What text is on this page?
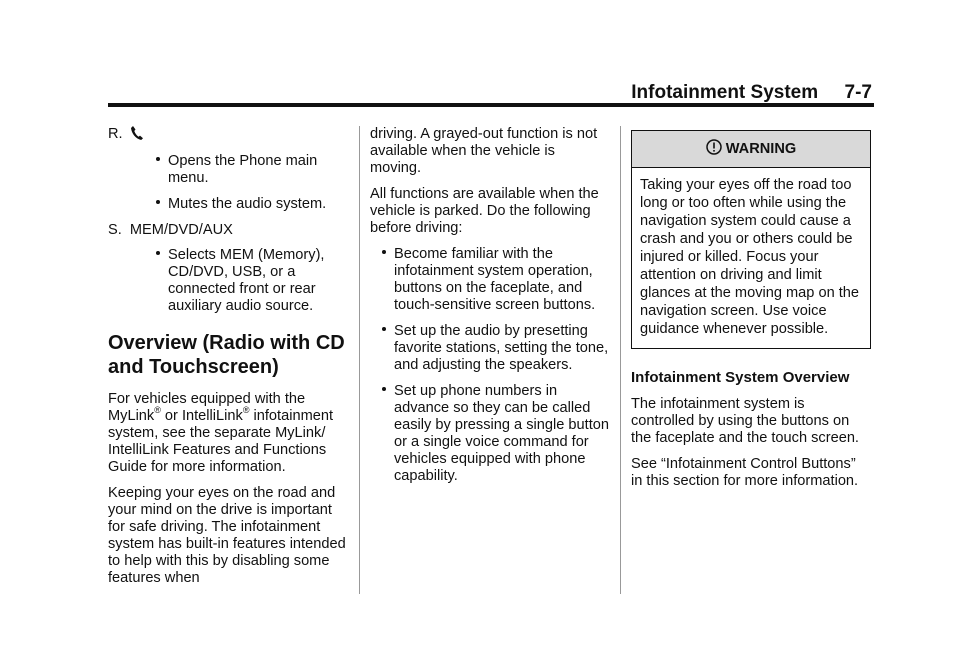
Infotainment System     7-7
R.
Opens the Phone main menu.
Mutes the audio system.
S.  MEM/DVD/AUX
Selects MEM (Memory), CD/DVD, USB, or a connected front or rear auxiliary audio source.
Overview (Radio with CD and Touchscreen)

For vehicles equipped with the MyLink® or IntelliLink® infotainment system, see the separate MyLink/ IntelliLink Features and Functions Guide for more information.

Keeping your eyes on the road and your mind on the drive is important for safe driving. The infotainment system has built-in features intended to help with this by disabling some features when

driving. A grayed-out function is not available when the vehicle is moving.

All functions are available when the vehicle is parked. Do the following before driving:

Become familiar with the infotainment system operation, buttons on the faceplate, and touch-sensitive screen buttons.
Set up the audio by presetting favorite stations, setting the tone, and adjusting the speakers.
Set up phone numbers in advance so they can be called easily by pressing a single button or a single voice command for vehicles equipped with phone capability.
WARNING
Taking your eyes off the road too long or too often while using the navigation system could cause a crash and you or others could be injured or killed. Focus your attention on driving and limit glances at the moving map on the navigation screen. Use voice guidance whenever possible.
Infotainment System Overview

The infotainment system is controlled by using the buttons on the faceplate and the touch screen.

See “Infotainment Control Buttons” in this section for more information.
